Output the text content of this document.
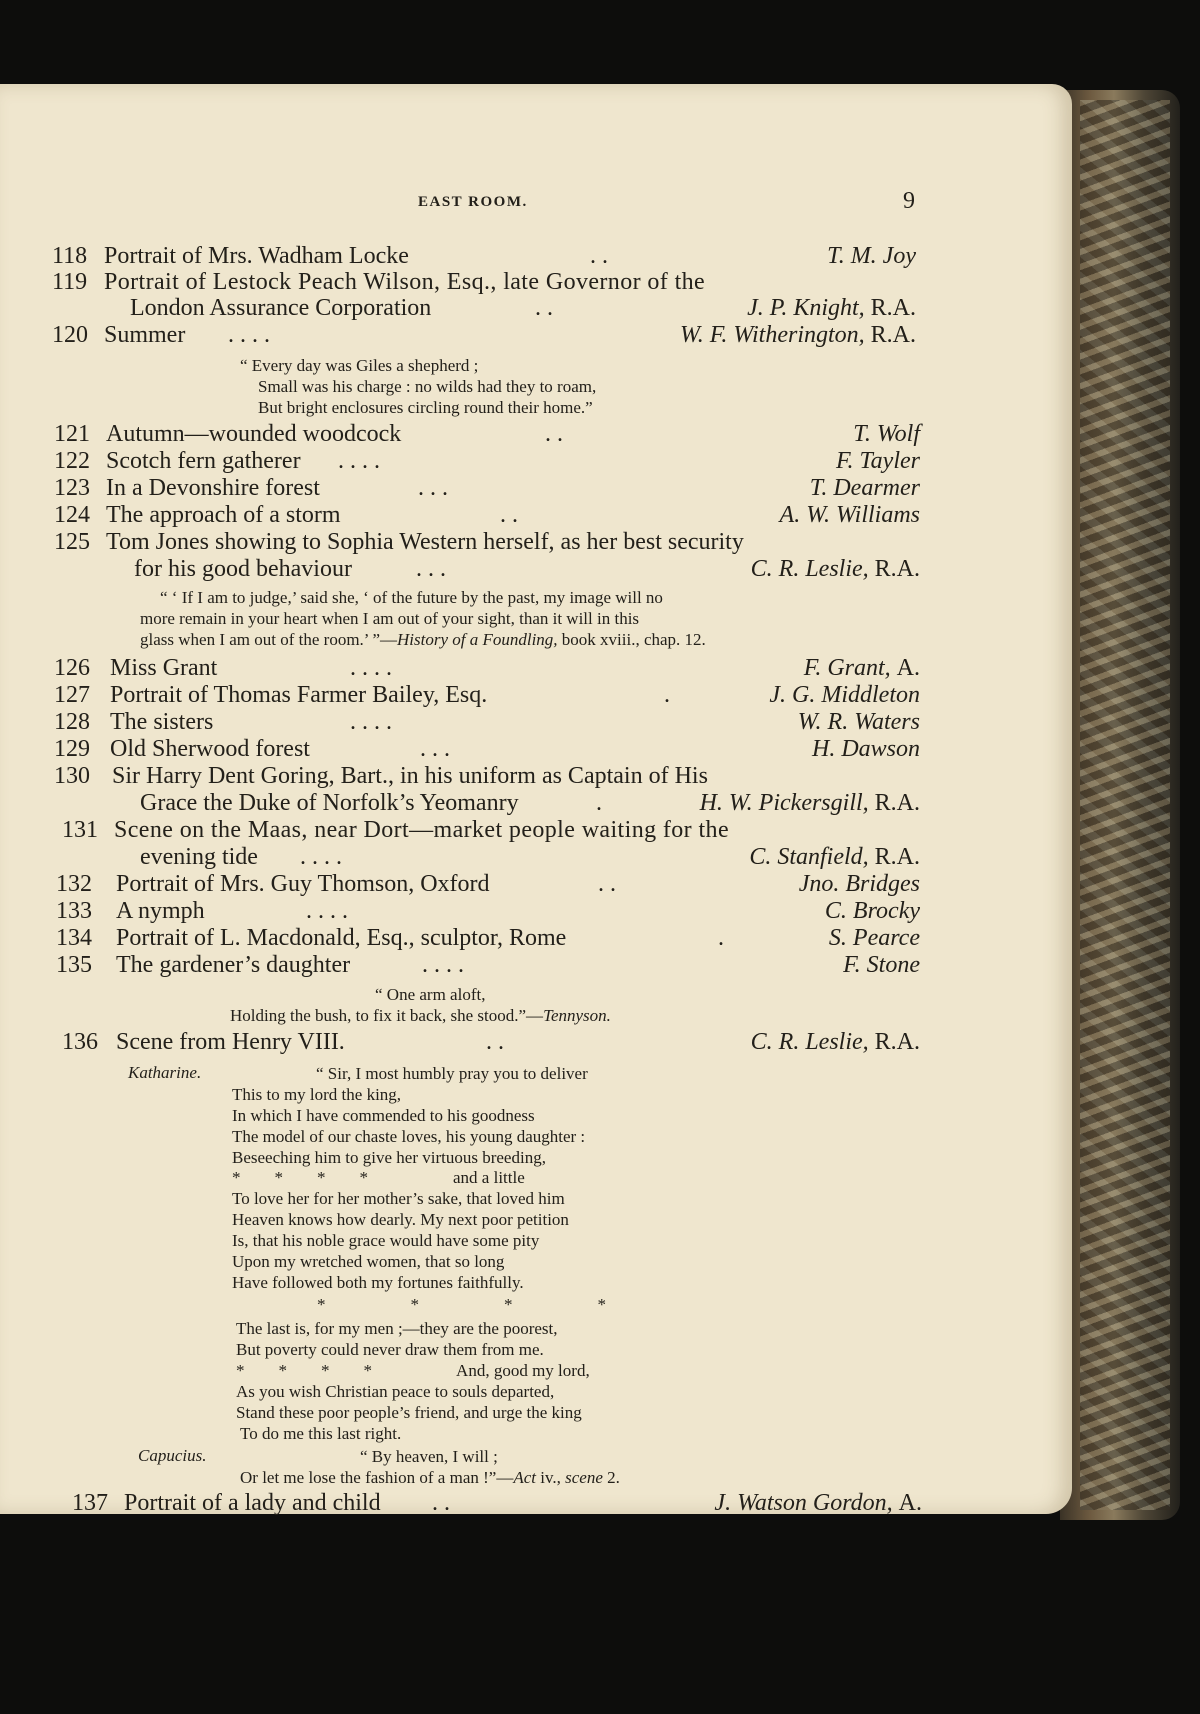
EAST ROOM.	9
118 Portrait of Mrs. Wadham Locke	. .	T. M. Joy
119 Portrait of Lestock Peach Wilson, Esq., late Governor of the
London Assurance Corporation	. .	J. P. Knight, R.A.
120 Summer . . . .	W. F. Witherington, R.A.
“ Every day was Giles a shepherd ;
Small was his charge : no wilds had they to roam,
But bright enclosures circling round their home.”
121 Autumn—wounded woodcock	. .	T. Wolf
122 Scotch fern gatherer . . . .	F. Tayler
123 In a Devonshire forest	. . .	T. Dearmer
124 The approach of a storm	. .	A. W. Williams
125 Tom Jones showing to Sophia Western herself, as her best security
for his good behaviour	. . .	C. R. Leslie, R.A.
“ ‘ If I am to judge,’ said she, ‘ of the future by the past, my image will no
more remain in your heart when I am out of your sight, than it will in this
glass when I am out of the room.’ ”—History of a Foundling, book xviii., chap. 12.
126 Miss Grant	. . . .	F. Grant, A.
127 Portrait of Thomas Farmer Bailey, Esq.	.	J. G. Middleton
128 The sisters	. . . .	W. R. Waters
129 Old Sherwood forest	. . .	H. Dawson
130 Sir Harry Dent Goring, Bart., in his uniform as Captain of His
Grace the Duke of Norfolk’s Yeomanry	.	H. W. Pickersgill, R.A.
131 Scene on the Maas, near Dort—market people waiting for the
evening tide . . . .	C. Stanfield, R.A.
132 Portrait of Mrs. Guy Thomson, Oxford	. .	Jno. Bridges
133 A nymph	. . . .	C. Brocky
134 Portrait of L. Macdonald, Esq., sculptor, Rome	.	S. Pearce
135 The gardener’s daughter	. . . .	F. Stone
“ One arm aloft,
Holding the bush, to fix it back, she stood.”—Tennyson.
136 Scene from Henry VIII.	. .	C. R. Leslie, R.A.
Katharine.	“ Sir, I most humbly pray you to deliver
This to my lord the king,
In which I have commended to his goodness
The model of our chaste loves, his young daughter :
Beseeching him to give her virtuous breeding,
*        *        *        *                    and a little
To love her for her mother’s sake, that loved him
Heaven knows how dearly. My next poor petition
Is, that his noble grace would have some pity
Upon my wretched women, that so long
Have followed both my fortunes faithfully.
*                    *                    *                    *
The last is, for my men ;—they are the poorest,
But poverty could never draw them from me.
*        *        *        *                    And, good my lord,
As you wish Christian peace to souls departed,
Stand these poor people’s friend, and urge the king
To do me this last right.
Capucius.	“ By heaven, I will ;
Or let me lose the fashion of a man !”—Act iv., scene 2.
137 Portrait of a lady and child . .	J. Watson Gordon, A.
